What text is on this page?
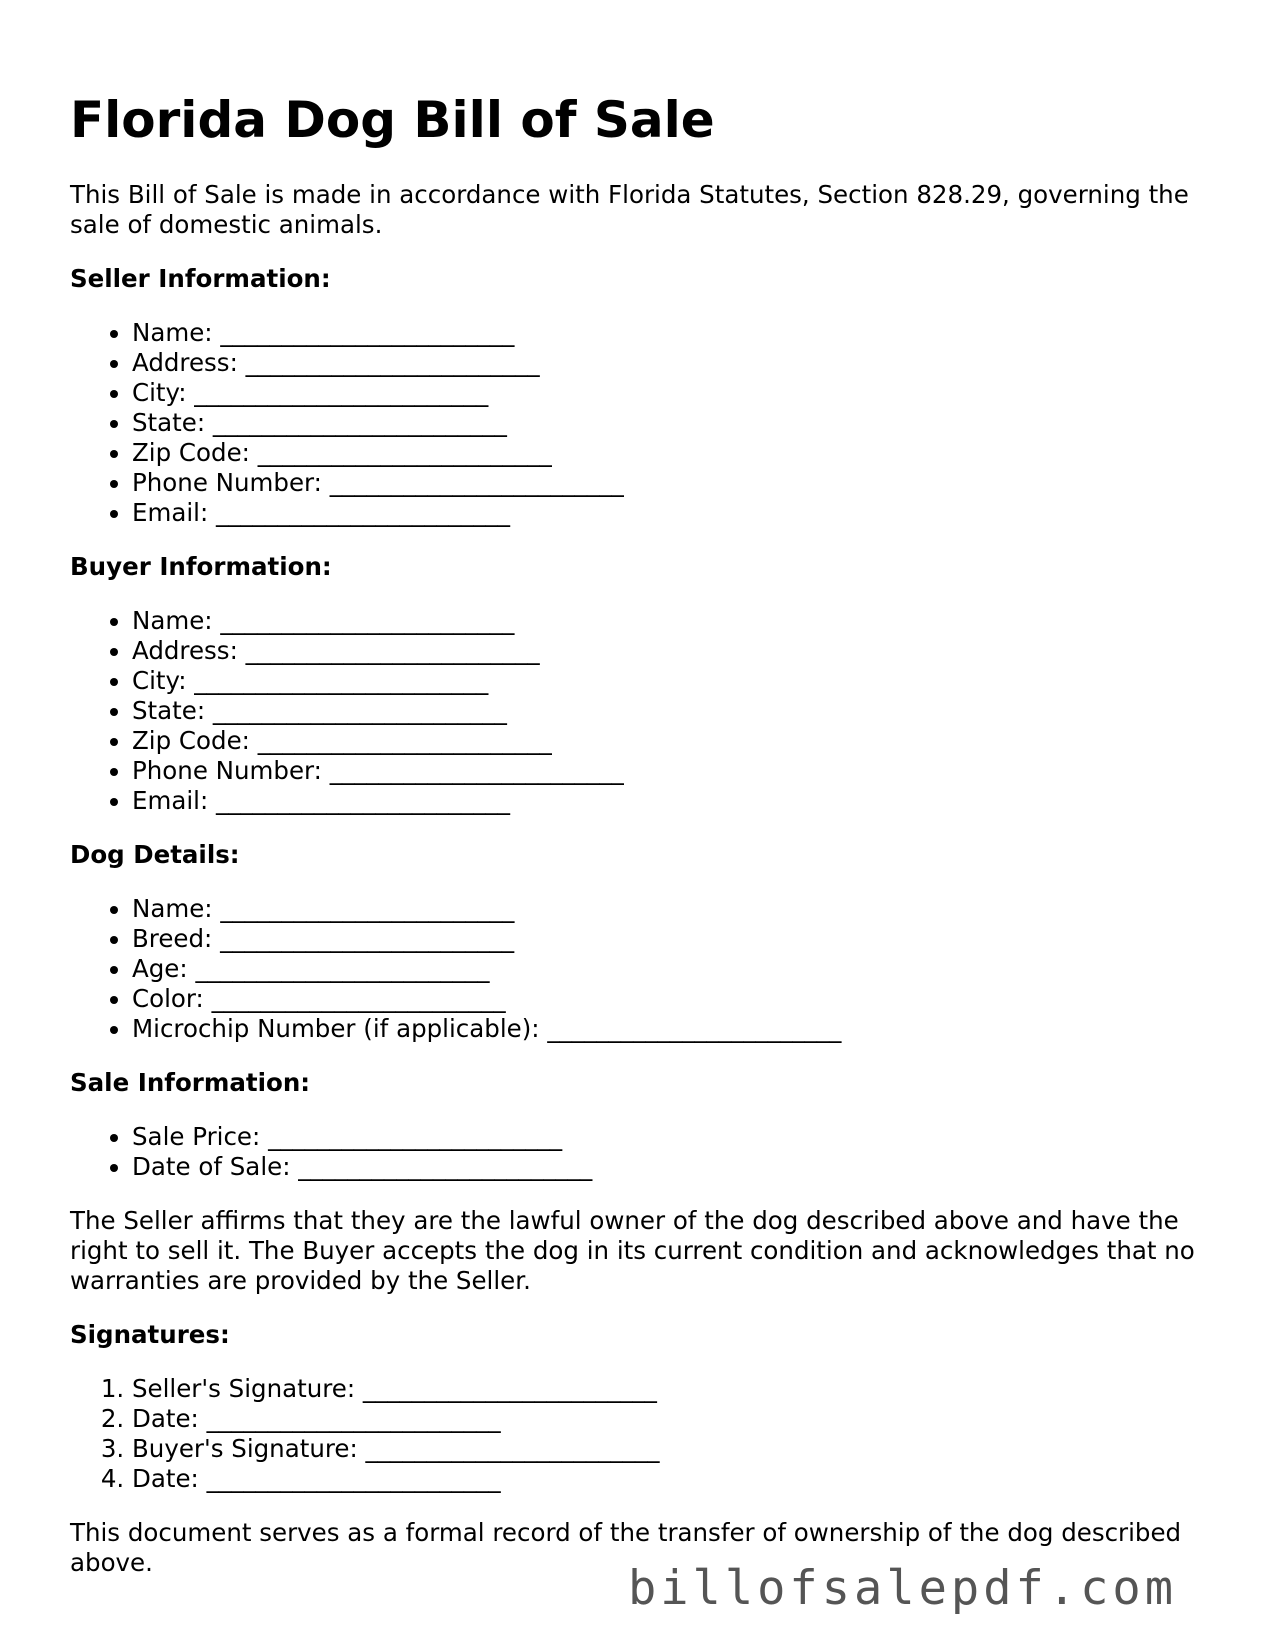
Florida Dog Bill of Sale

This Bill of Sale is made in accordance with Florida Statutes, Section 828.29, governing the sale of domestic animals.

Seller Information:
• Name: ________________________
• Address: ________________________
• City: ________________________
• State: ________________________
• Zip Code: ________________________
• Phone Number: ________________________
• Email: ________________________
Buyer Information:
• Name: ________________________
• Address: ________________________
• City: ________________________
• State: ________________________
• Zip Code: ________________________
• Phone Number: ________________________
• Email: ________________________
Dog Details:
• Name: ________________________
• Breed: ________________________
• Age: ________________________
• Color: ________________________
• Microchip Number (if applicable): ________________________
Sale Information:
• Sale Price: ________________________
• Date of Sale: ________________________

The Seller affirms that they are the lawful owner of the dog described above and have the right to sell it. The Buyer accepts the dog in its current condition and acknowledges that no warranties are provided by the Seller.

Signatures:
1. Seller's Signature: ________________________
2. Date: ________________________
3. Buyer's Signature: ________________________
4. Date: ________________________

This document serves as a formal record of the transfer of ownership of the dog described above.	billofsalepdf.com
